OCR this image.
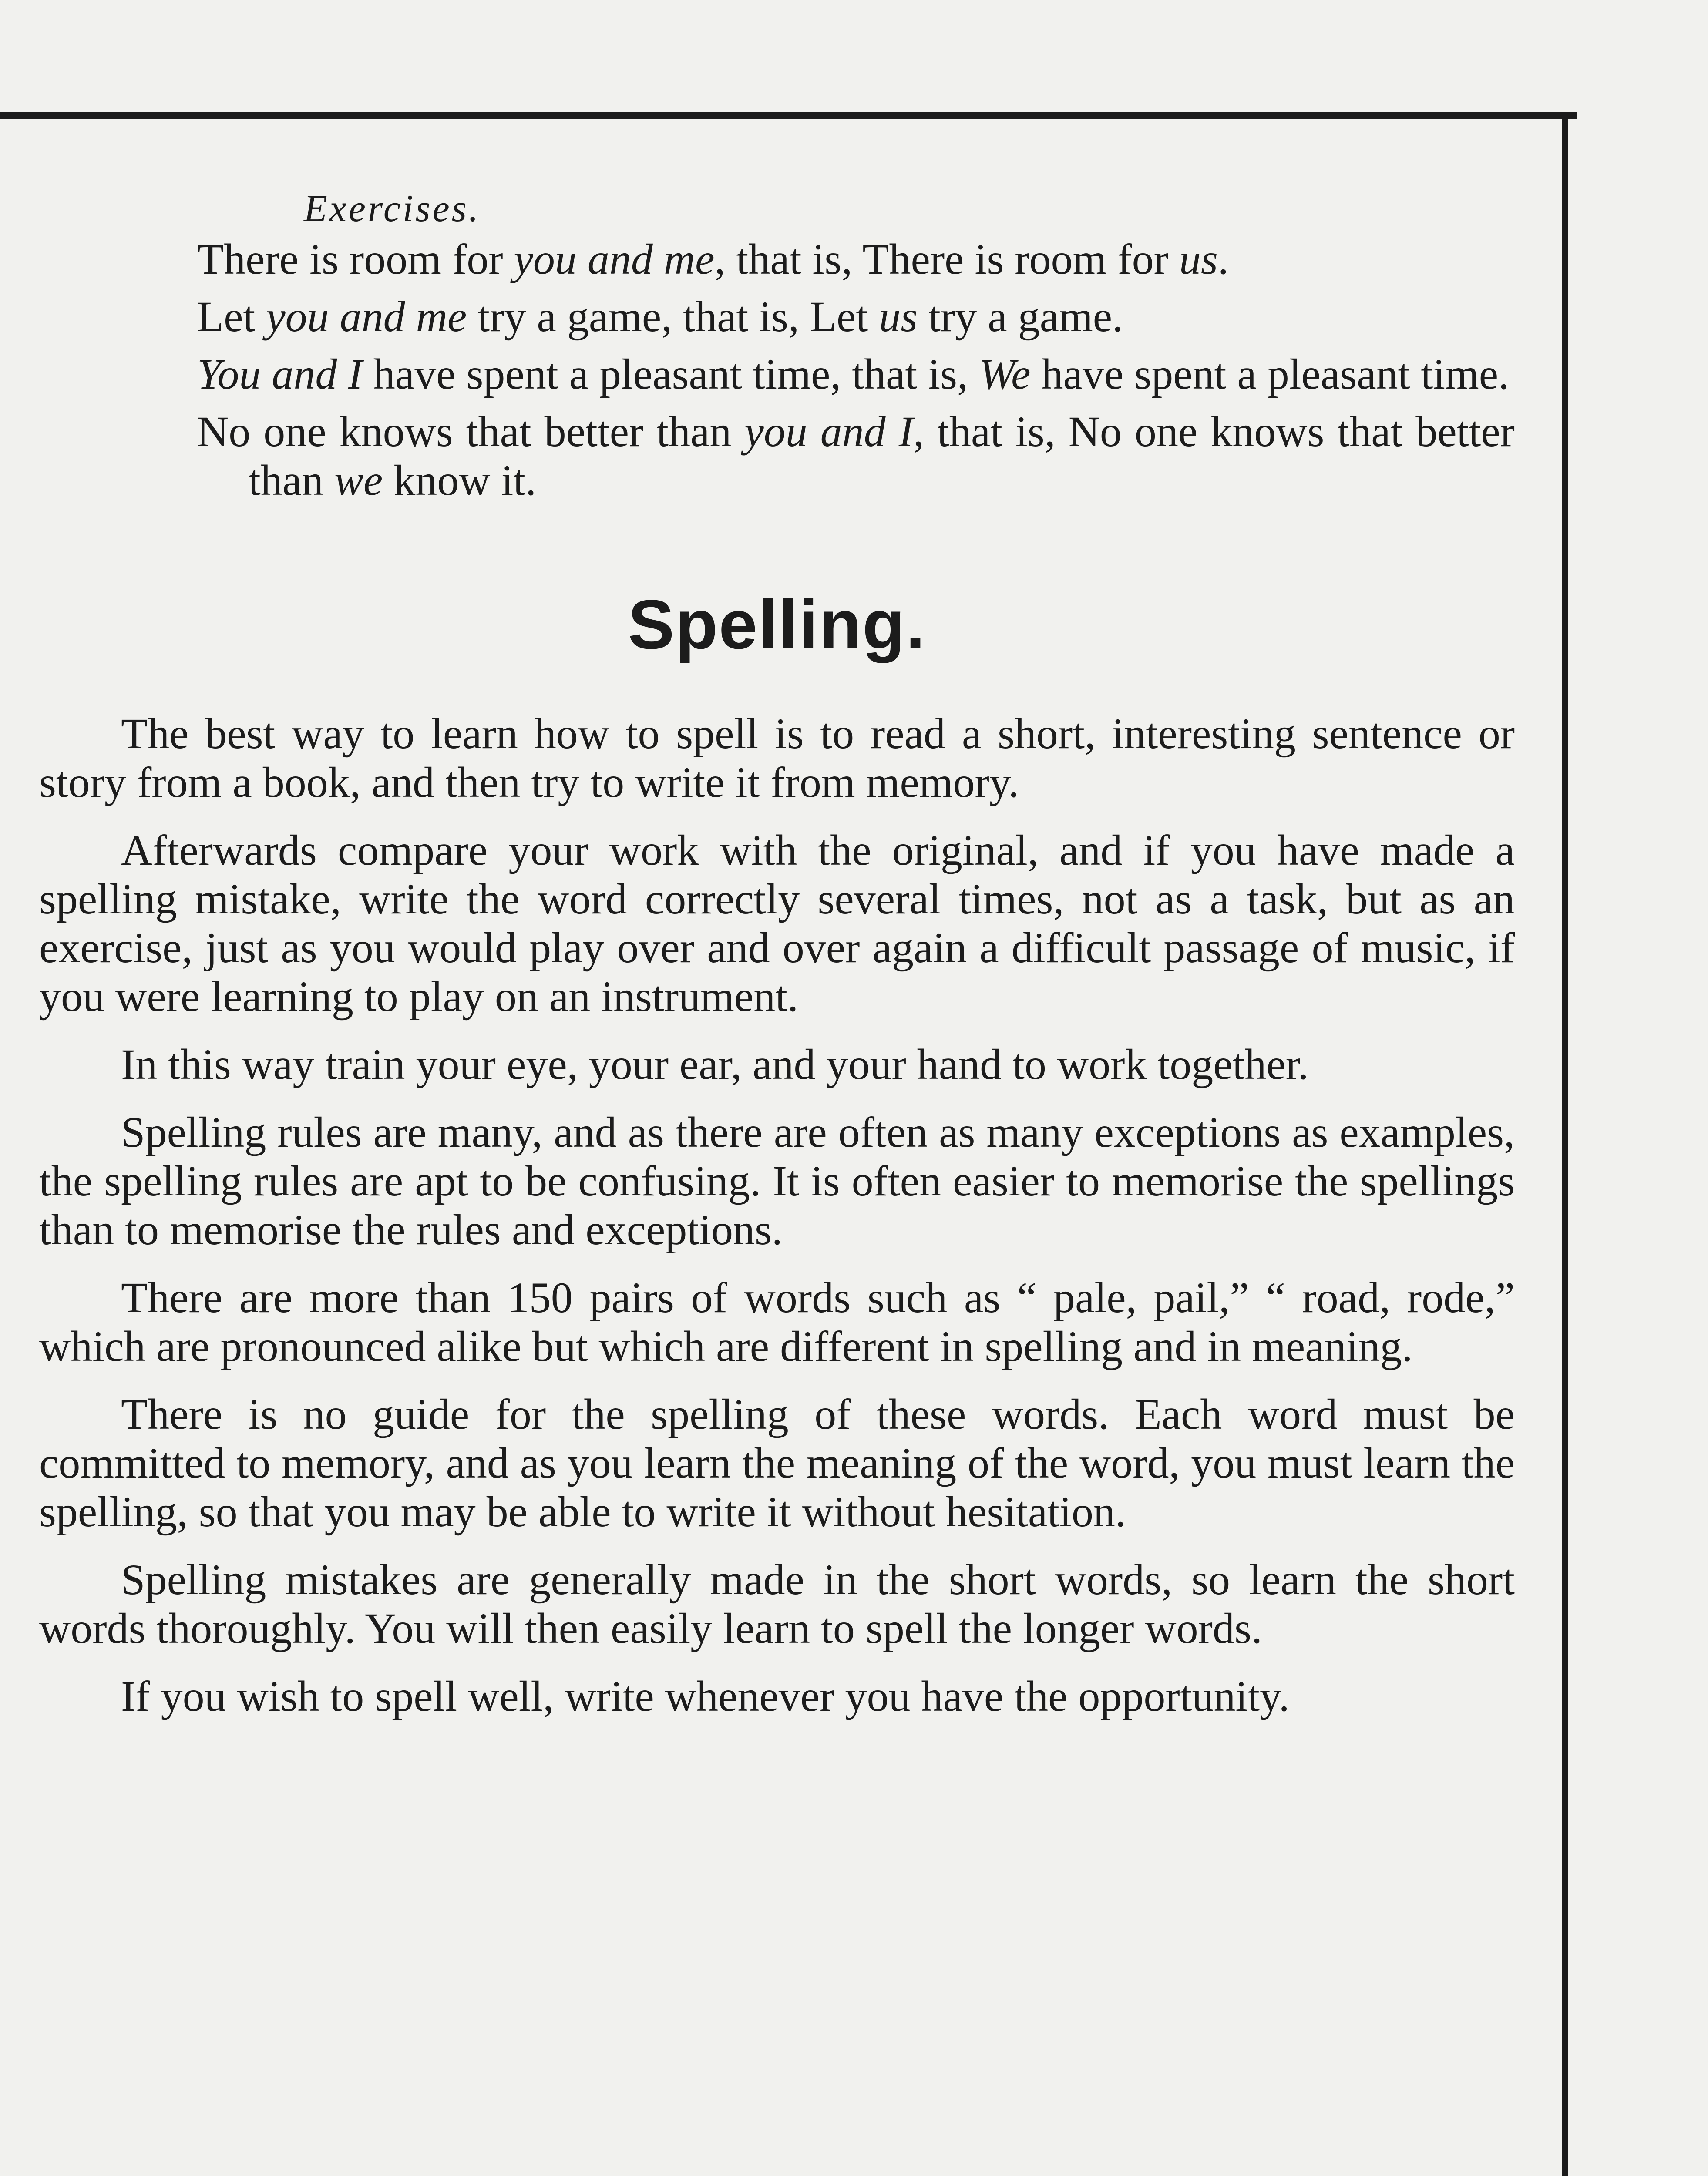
Exercises.
There is room for you and me, that is, There is room for us.
Let you and me try a game, that is, Let us try a game.
You and I have spent a pleasant time, that is, We have spent a pleasant time.
No one knows that better than you and I, that is, No one knows that better than we know it.
Spelling.

The best way to learn how to spell is to read a short, interesting sentence or story from a book, and then try to write it from memory.

Afterwards compare your work with the original, and if you have made a spelling mistake, write the word correctly several times, not as a task, but as an exercise, just as you would play over and over again a difficult passage of music, if you were learning to play on an instrument.

In this way train your eye, your ear, and your hand to work together.

Spelling rules are many, and as there are often as many exceptions as examples, the spelling rules are apt to be confusing. It is often easier to memorise the spellings than to memorise the rules and exceptions.

There are more than 150 pairs of words such as “ pale, pail,” “ road, rode,” which are pronounced alike but which are different in spelling and in meaning.

There is no guide for the spelling of these words. Each word must be committed to memory, and as you learn the meaning of the word, you must learn the spelling, so that you may be able to write it without hesitation.

Spelling mistakes are generally made in the short words, so learn the short words thoroughly. You will then easily learn to spell the longer words.

If you wish to spell well, write whenever you have the opportunity.
